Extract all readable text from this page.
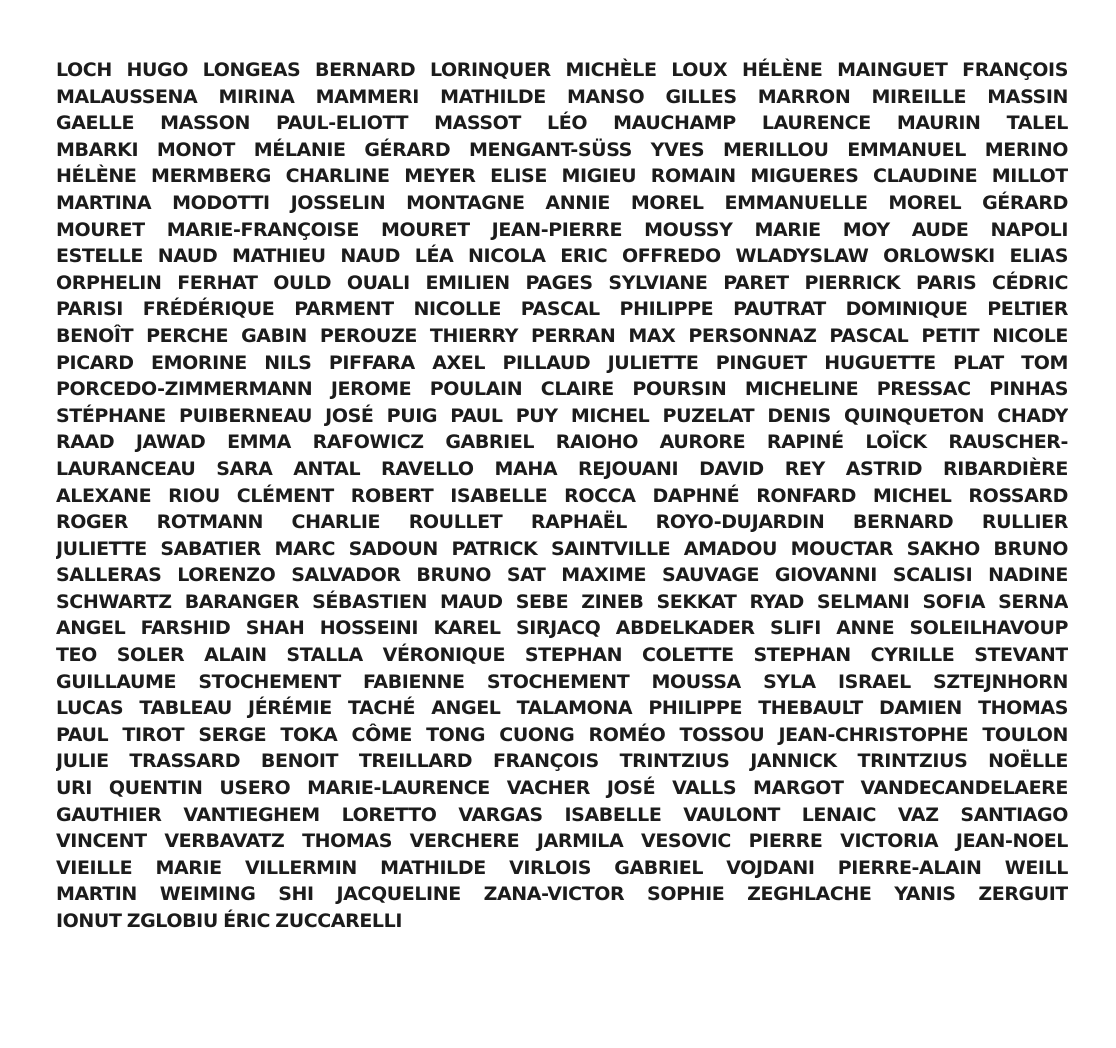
LOCH HUGO LONGEAS BERNARD LORINQUER MICHÈLE LOUX HÉLÈNE MAINGUET FRANÇOIS
MALAUSSENA MIRINA MAMMERI MATHILDE MANSO GILLES MARRON MIREILLE MASSIN
GAELLE MASSON PAUL-ELIOTT MASSOT LÉO MAUCHAMP LAURENCE MAURIN TALEL
MBARKI MONOT MÉLANIE GÉRARD MENGANT-SÜSS YVES MERILLOU EMMANUEL MERINO
HÉLÈNE MERMBERG CHARLINE MEYER ELISE MIGIEU ROMAIN MIGUERES CLAUDINE MILLOT
MARTINA MODOTTI JOSSELIN MONTAGNE ANNIE MOREL EMMANUELLE MOREL GÉRARD
MOURET MARIE-FRANÇOISE MOURET JEAN-PIERRE MOUSSY MARIE MOY AUDE NAPOLI
ESTELLE NAUD MATHIEU NAUD LÉA NICOLA ERIC OFFREDO WLADYSLAW ORLOWSKI ELIAS
ORPHELIN FERHAT OULD OUALI EMILIEN PAGES SYLVIANE PARET PIERRICK PARIS CÉDRIC
PARISI FRÉDÉRIQUE PARMENT NICOLLE PASCAL PHILIPPE PAUTRAT DOMINIQUE PELTIER
BENOÎT PERCHE GABIN PEROUZE THIERRY PERRAN MAX PERSONNAZ PASCAL PETIT NICOLE
PICARD EMORINE NILS PIFFARA AXEL PILLAUD JULIETTE PINGUET HUGUETTE PLAT TOM
PORCEDO-ZIMMERMANN JEROME POULAIN CLAIRE POURSIN MICHELINE PRESSAC PINHAS
STÉPHANE PUIBERNEAU JOSÉ PUIG PAUL PUY MICHEL PUZELAT DENIS QUINQUETON CHADY
RAAD JAWAD EMMA RAFOWICZ GABRIEL RAIOHO AURORE RAPINÉ LOÏCK RAUSCHER-
LAURANCEAU SARA ANTAL RAVELLO MAHA REJOUANI DAVID REY ASTRID RIBARDIÈRE
ALEXANE RIOU CLÉMENT ROBERT ISABELLE ROCCA DAPHNÉ RONFARD MICHEL ROSSARD
ROGER ROTMANN CHARLIE ROULLET RAPHAËL ROYO-DUJARDIN BERNARD RULLIER
JULIETTE SABATIER MARC SADOUN PATRICK SAINTVILLE AMADOU MOUCTAR SAKHO BRUNO
SALLERAS LORENZO SALVADOR BRUNO SAT MAXIME SAUVAGE GIOVANNI SCALISI NADINE
SCHWARTZ BARANGER SÉBASTIEN MAUD SEBE ZINEB SEKKAT RYAD SELMANI SOFIA SERNA
ANGEL FARSHID SHAH HOSSEINI KAREL SIRJACQ ABDELKADER SLIFI ANNE SOLEILHAVOUP
TEO SOLER ALAIN STALLA VÉRONIQUE STEPHAN COLETTE STEPHAN CYRILLE STEVANT
GUILLAUME STOCHEMENT FABIENNE STOCHEMENT MOUSSA SYLA ISRAEL SZTEJNHORN
LUCAS TABLEAU JÉRÉMIE TACHÉ ANGEL TALAMONA PHILIPPE THEBAULT DAMIEN THOMAS
PAUL TIROT SERGE TOKA CÔME TONG CUONG ROMÉO TOSSOU JEAN-CHRISTOPHE TOULON
JULIE TRASSARD BENOIT TREILLARD FRANÇOIS TRINTZIUS JANNICK TRINTZIUS NOËLLE
URI QUENTIN USERO MARIE-LAURENCE VACHER JOSÉ VALLS MARGOT VANDECANDELAERE
GAUTHIER VANTIEGHEM LORETTO VARGAS ISABELLE VAULONT LENAIC VAZ SANTIAGO
VINCENT VERBAVATZ THOMAS VERCHERE JARMILA VESOVIC PIERRE VICTORIA JEAN-NOEL
VIEILLE MARIE VILLERMIN MATHILDE VIRLOIS GABRIEL VOJDANI PIERRE-ALAIN WEILL
MARTIN WEIMING SHI JACQUELINE ZANA-VICTOR SOPHIE ZEGHLACHE YANIS ZERGUIT
IONUT ZGLOBIU ÉRIC ZUCCARELLI
